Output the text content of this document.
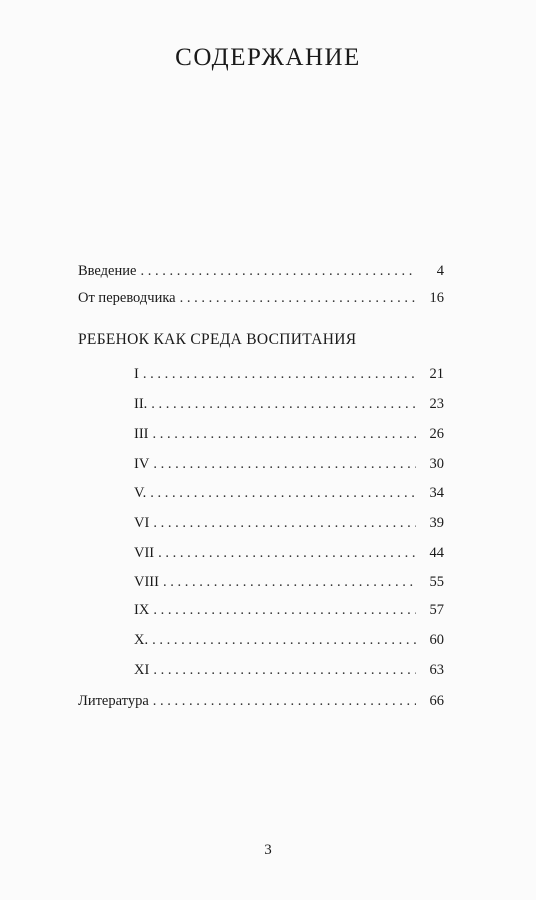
СОДЕРЖАНИЕ
Введение . . .	4
От переводчика . . .	16
РЕБЕНОК КАК СРЕДА ВОСПИТАНИЯ
I . . .	21
II. . . .	23
III . . .	26
IV . . .	30
V. . . .	34
VI . . .	39
VII . . .	44
VIII . . .	55
IX . . .	57
X. . . .	60
XI . . .	63
Литература . . .	66
3
